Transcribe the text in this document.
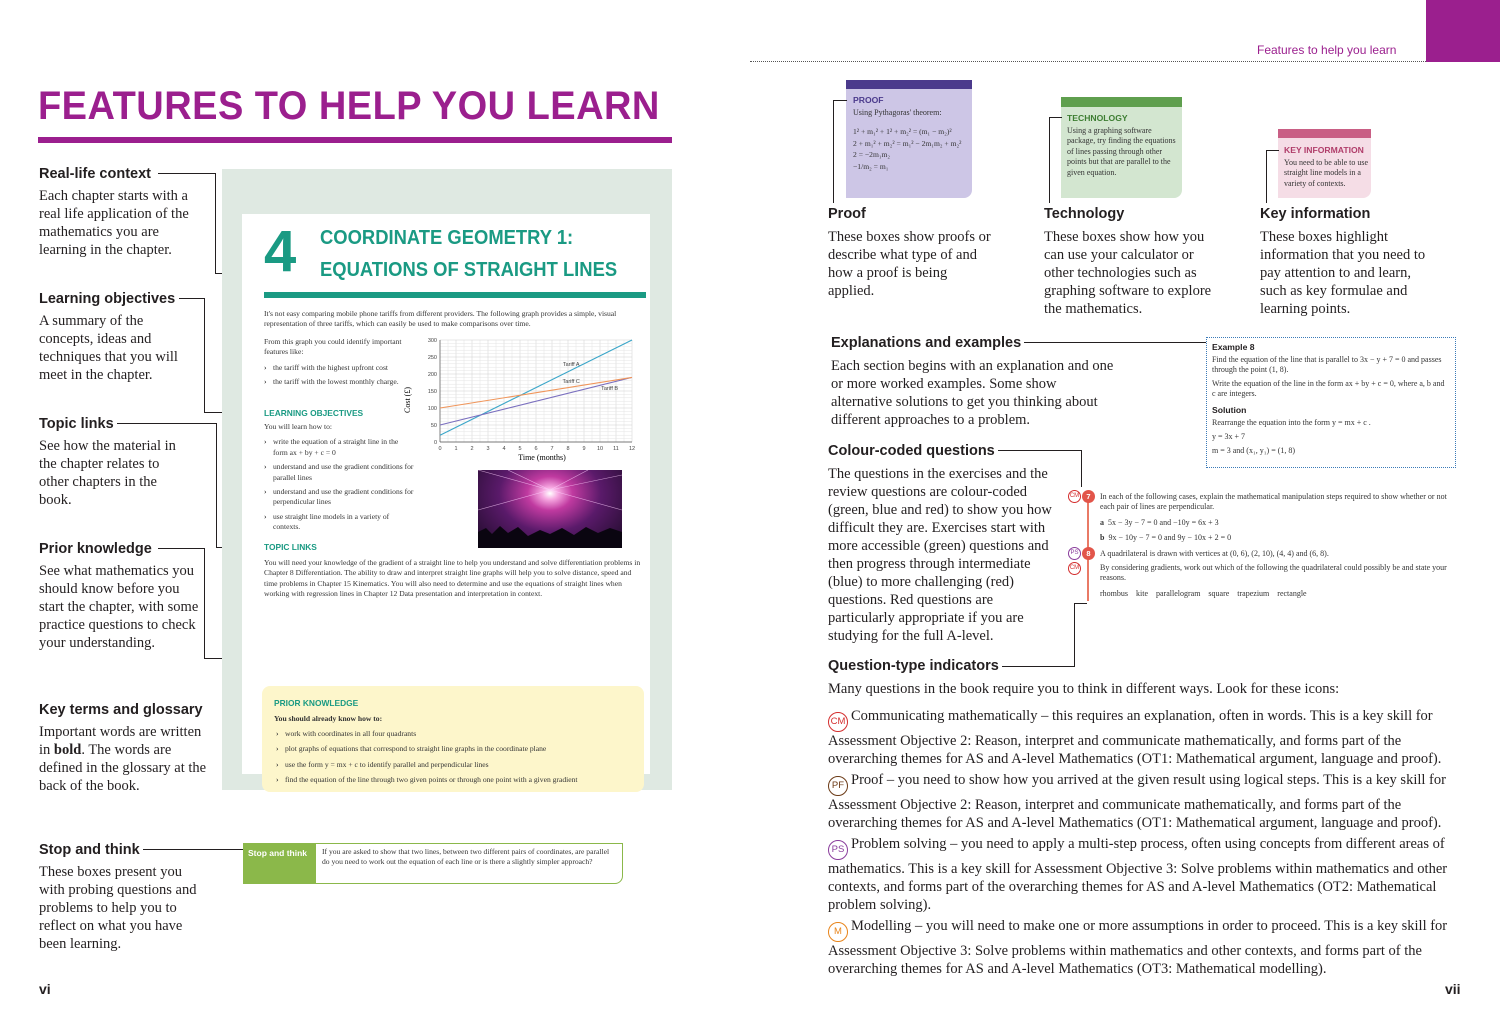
FEATURES TO HELP YOU LEARN
Real-life context
Each chapter starts with a real life application of the mathematics you are learning in the chapter.
Learning objectives
A summary of the concepts, ideas and techniques that you will meet in the chapter.
Topic links
See how the material in the chapter relates to other chapters in the book.
Prior knowledge
See what mathematics you should know before you start the chapter, with some practice questions to check your understanding.
Key terms and glossary
Important words are written in bold. The words are defined in the glossary at the back of the book.
Stop and think
These boxes present you with probing questions and problems to help you to reflect on what you have been learning.
4 COORDINATE GEOMETRY 1:
EQUATIONS OF STRAIGHT LINES
It's not easy comparing mobile phone tariffs from different providers. The following graph provides a simple, visual representation of three tariffs, which can easily be used to make comparisons over time.
From this graph you could identify important features like:
› the tariff with the highest upfront cost
› the tariff with the lowest monthly charge.
0 1 2 3 4 5 6 7 8 9 10 11 12
0
50
100
150
200
250
300
Tariff A
Tariff B
Tariff C
Cost (£)
Time (months)
LEARNING OBJECTIVES
You will learn how to:
› write the equation of a straight line in the form ax + by + c = 0
› understand and use the gradient conditions for parallel lines
› understand and use the gradient conditions for perpendicular lines
› use straight line models in a variety of contexts.
TOPIC LINKS
You will need your knowledge of the gradient of a straight line to help you understand and solve differentiation problems in Chapter 8 Differentiation. The ability to draw and interpret straight line graphs will help you to solve distance, speed and time problems in Chapter 15 Kinematics. You will also need to determine and use the equations of straight lines when working with regression lines in Chapter 12 Data presentation and interpretation in context.
PRIOR KNOWLEDGE
You should already know how to:
› work with coordinates in all four quadrants
› plot graphs of equations that correspond to straight line graphs in the coordinate plane
› use the form y = mx + c to identify parallel and perpendicular lines
› find the equation of the line through two given points or through one point with a given gradient
Stop and think	If you are asked to show that two lines, between two different pairs of coordinates, are parallel do you need to work out the equation of each line or is there a slightly simpler approach?
vi
Features to help you learn
PROOF
Using Pythagoras' theorem:
1² + m₁² + 1² + m₂² = (m₁ − m₂)²
2 + m₁² + m₂² = m₁² − 2m₁m₂ + m₂²
2 = −2m₁m₂
−1/m₂ = m₁
TECHNOLOGY
Using a graphing software package, try finding the equations of lines passing through other points but that are parallel to the given equation.
KEY INFORMATION
You need to be able to use straight line models in a variety of contexts.
Proof
These boxes show proofs or describe what type of and how a proof is being applied.
Technology
These boxes show how you can use your calculator or other technologies such as graphing software to explore the mathematics.
Key information
These boxes highlight information that you need to pay attention to and learn, such as key formulae and learning points.
Explanations and examples
Each section begins with an explanation and one or more worked examples. Some show alternative solutions to get you thinking about different approaches to a problem.
Example 8
Find the equation of the line that is parallel to 3x − y + 7 = 0 and passes through the point (1, 8).
Write the equation of the line in the form ax + by + c = 0, where a, b and c are integers.
Solution
Rearrange the equation into the form y = mx + c .
y = 3x + 7
m = 3 and (x₁, y₁) = (1, 8)
Colour-coded questions
The questions in the exercises and the review questions are colour-coded (green, blue and red) to show you how difficult they are. Exercises start with more accessible (green) questions and then progress through intermediate (blue) to more challenging (red) questions. Red questions are particularly appropriate if you are studying for the full A-level.
CM 7	In each of the following cases, explain the mathematical manipulation steps required to show whether or not each pair of lines are perpendicular.
a 5x − 3y − 7 = 0 and −10y = 6x + 3
b 9x − 10y − 7 = 0 and 9y − 10x + 2 = 0
PS	8	A quadrilateral is drawn with vertices at (0, 6), (2, 10), (4, 4) and (6, 8).
CM	By considering gradients, work out which of the following the quadrilateral could possibly be and state your reasons.
rhombus    kite    parallelogram    square    trapezium    rectangle
Question-type indicators
Many questions in the book require you to think in different ways. Look for these icons:
CM Communicating mathematically – this requires an explanation, often in words. This is a key skill for Assessment Objective 2: Reason, interpret and communicate mathematically, and forms part of the overarching themes for AS and A-level Mathematics (OT1: Mathematical argument, language and proof).
PF Proof – you need to show how you arrived at the given result using logical steps. This is a key skill for Assessment Objective 2: Reason, interpret and communicate mathematically, and forms part of the overarching themes for AS and A-level Mathematics (OT1: Mathematical argument, language and proof).
PS Problem solving – you need to apply a multi-step process, often using concepts from different areas of mathematics. This is a key skill for Assessment Objective 3: Solve problems within mathematics and other contexts, and forms part of the overarching themes for AS and A-level Mathematics (OT2: Mathematical problem solving).
M Modelling – you will need to make one or more assumptions in order to proceed. This is a key skill for Assessment Objective 3: Solve problems within mathematics and other contexts, and forms part of the overarching themes for AS and A-level Mathematics (OT3: Mathematical modelling).
vii
